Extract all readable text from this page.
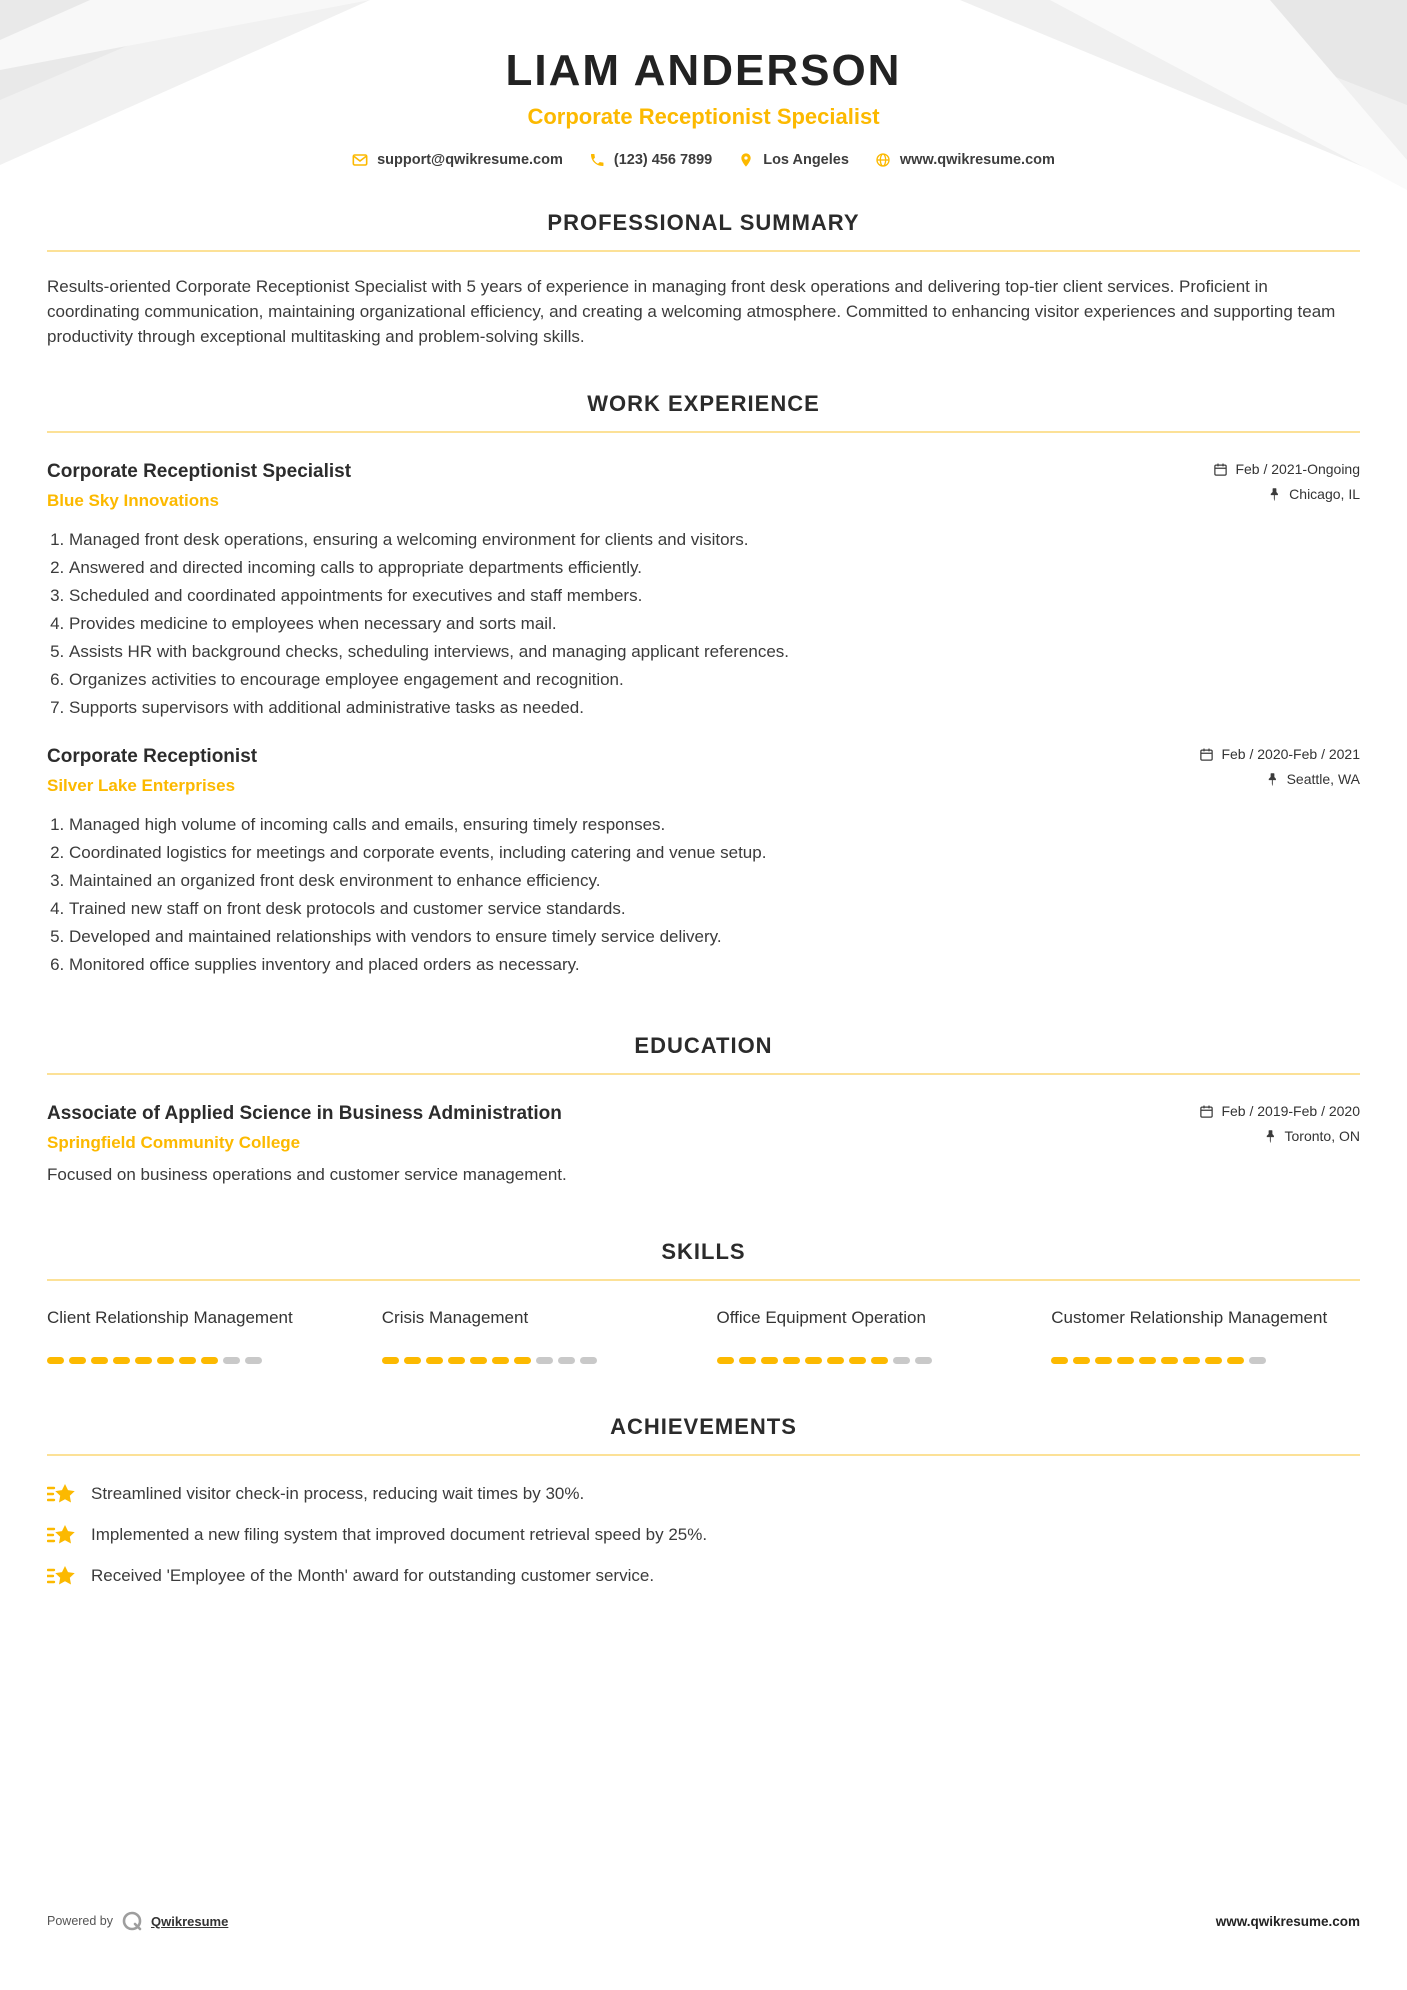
LIAM ANDERSON
Corporate Receptionist Specialist
support@qwikresume.com	(123) 456 7899	Los Angeles	www.qwikresume.com
PROFESSIONAL SUMMARY

Results-oriented Corporate Receptionist Specialist with 5 years of experience in managing front desk operations and delivering top-tier client services. Proficient in coordinating communication, maintaining organizational efficiency, and creating a welcoming atmosphere. Committed to enhancing visitor experiences and supporting team productivity through exceptional multitasking and problem-solving skills.

WORK EXPERIENCE
Corporate Receptionist Specialist
Blue Sky Innovations
Feb / 2021-Ongoing
Chicago, IL
1. Managed front desk operations, ensuring a welcoming environment for clients and visitors.
2. Answered and directed incoming calls to appropriate departments efficiently.
3. Scheduled and coordinated appointments for executives and staff members.
4. Provides medicine to employees when necessary and sorts mail.
5. Assists HR with background checks, scheduling interviews, and managing applicant references.
6. Organizes activities to encourage employee engagement and recognition.
7. Supports supervisors with additional administrative tasks as needed.
Corporate Receptionist
Silver Lake Enterprises
Feb / 2020-Feb / 2021
Seattle, WA
1. Managed high volume of incoming calls and emails, ensuring timely responses.
2. Coordinated logistics for meetings and corporate events, including catering and venue setup.
3. Maintained an organized front desk environment to enhance efficiency.
4. Trained new staff on front desk protocols and customer service standards.
5. Developed and maintained relationships with vendors to ensure timely service delivery.
6. Monitored office supplies inventory and placed orders as necessary.
EDUCATION
Associate of Applied Science in Business Administration
Springfield Community College
Feb / 2019-Feb / 2020
Toronto, ON
Focused on business operations and customer service management.
SKILLS
Client Relationship Management	Crisis Management	Office Equipment Operation	Customer Relationship Management
ACHIEVEMENTS
Streamlined visitor check-in process, reducing wait times by 30%.
Implemented a new filing system that improved document retrieval speed by 25%.
Received 'Employee of the Month' award for outstanding customer service.
Powered by	Qwikresume	www.qwikresume.com
